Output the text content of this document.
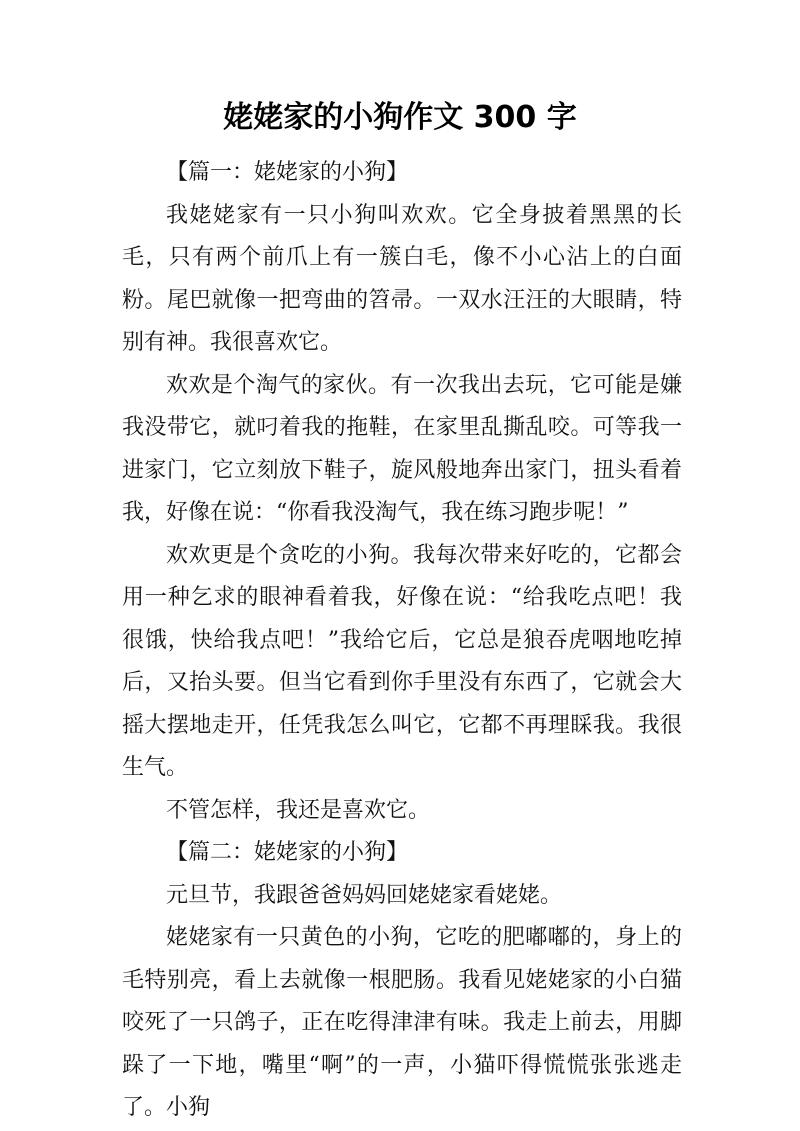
姥姥家的小狗作文 300 字

【篇一：姥姥家的小狗】

我姥姥家有一只小狗叫欢欢。它全身披着黑黑的长毛，只有两个前爪上有一簇白毛，像不小心沾上的白面粉。尾巴就像一把弯曲的笤帚。一双水汪汪的大眼睛，特别有神。我很喜欢它。

欢欢是个淘气的家伙。有一次我出去玩，它可能是嫌我没带它，就叼着我的拖鞋，在家里乱撕乱咬。可等我一进家门，它立刻放下鞋子，旋风般地奔出家门，扭头看着我，好像在说：“你看我没淘气，我在练习跑步呢！”

欢欢更是个贪吃的小狗。我每次带来好吃的，它都会用一种乞求的眼神看着我，好像在说：“给我吃点吧！我很饿，快给我点吧！”我给它后，它总是狼吞虎咽地吃掉后，又抬头要。但当它看到你手里没有东西了，它就会大摇大摆地走开，任凭我怎么叫它，它都不再理睬我。我很生气。

不管怎样，我还是喜欢它。

【篇二：姥姥家的小狗】

元旦节，我跟爸爸妈妈回姥姥家看姥姥。

姥姥家有一只黄色的小狗，它吃的肥嘟嘟的，身上的毛特别亮，看上去就像一根肥肠。我看见姥姥家的小白猫咬死了一只鸽子，正在吃得津津有味。我走上前去，用脚跺了一下地，嘴里“啊”的一声，小猫吓得慌慌张张逃走了。小狗
